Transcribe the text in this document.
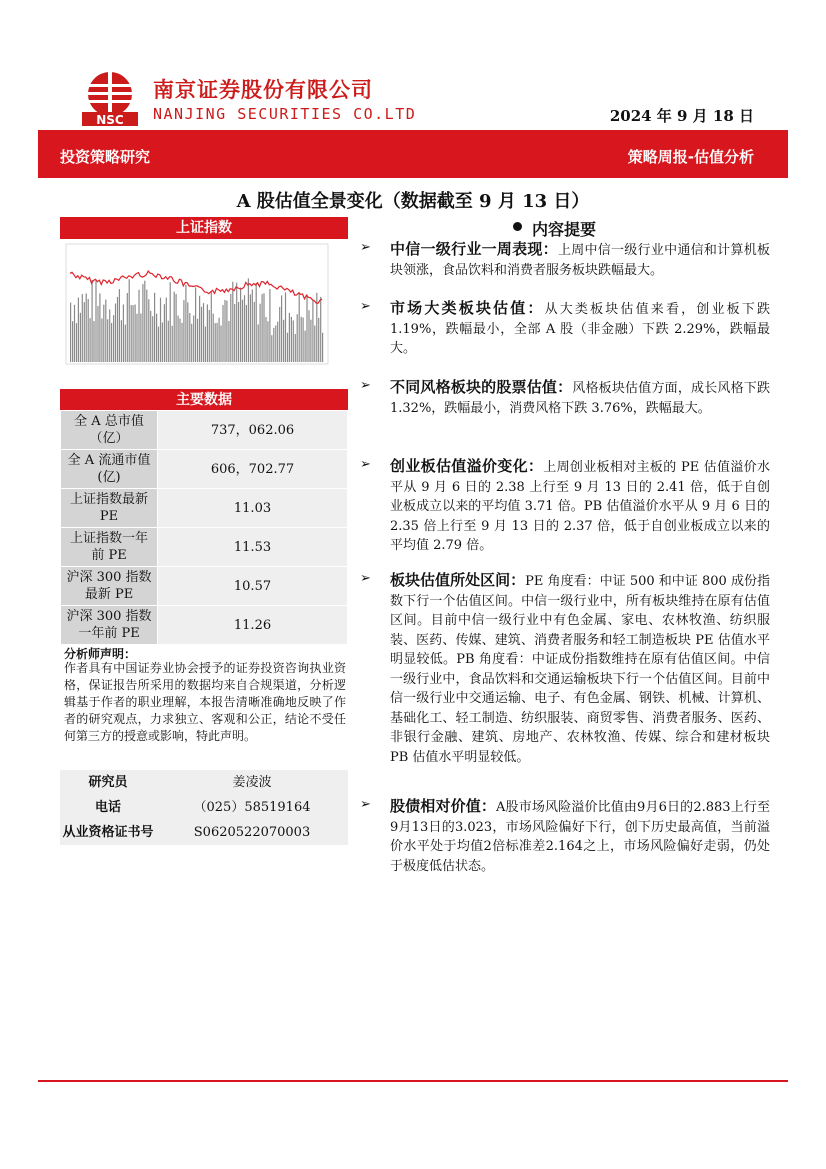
NSC
南京证券股份有限公司
NANJING SECURITIES CO.LTD	2024 年 9 月 18 日
投资策略研究	策略周报-估值分析
A 股估值全景变化（数据截至 9 月 13 日）
上证指数
主要数据
全 A 总市值（亿）	737，062.06
全 A 流通市值(亿)	606，702.77
上证指数最新 PE	11.03
上证指数一年前 PE	11.53
沪深 300 指数最新 PE	10.57
沪深 300 指数一年前 PE	11.26
分析师声明：
作者具有中国证券业协会授予的证券投资咨询执业资格，保证报告所采用的数据均来自合规渠道，分析逻辑基于作者的职业理解，本报告清晰准确地反映了作者的研究观点，力求独立、客观和公正，结论不受任何第三方的授意或影响，特此声明。
研究员	姜凌波
电话	（025）58519164
从业资格证书号	S0620522070003
内容提要
➢ 中信一级行业一周表现：上周中信一级行业中通信和计算机板块领涨，食品饮料和消费者服务板块跌幅最大。
➢ 市场大类板块估值：从大类板块估值来看，创业板下跌 1.19%，跌幅最小，全部 A 股（非金融）下跌 2.29%，跌幅最大。
➢ 不同风格板块的股票估值：风格板块估值方面，成长风格下跌 1.32%，跌幅最小，消费风格下跌 3.76%，跌幅最大。
➢ 创业板估值溢价变化：上周创业板相对主板的 PE 估值溢价水平从 9 月 6 日的 2.38 上行至 9 月 13 日的 2.41 倍，低于自创业板成立以来的平均值 3.71 倍。PB 估值溢价水平从 9 月 6 日的 2.35 倍上行至 9 月 13 日的 2.37 倍，低于自创业板成立以来的平均值 2.79 倍。
➢ 板块估值所处区间：PE 角度看：中证 500 和中证 800 成份指数下行一个估值区间。中信一级行业中，所有板块维持在原有估值区间。目前中信一级行业中有色金属、家电、农林牧渔、纺织服装、医药、传媒、建筑、消费者服务和轻工制造板块 PE 估值水平明显较低。PB 角度看：中证成份指数维持在原有估值区间。中信一级行业中，食品饮料和交通运输板块下行一个估值区间。目前中信一级行业中交通运输、电子、有色金属、钢铁、机械、计算机、基础化工、轻工制造、纺织服装、商贸零售、消费者服务、医药、非银行金融、建筑、房地产、农林牧渔、传媒、综合和建材板块 PB 估值水平明显较低。
➢ 股债相对价值：A股市场风险溢价比值由9月6日的2.883上行至9月13日的3.023，市场风险偏好下行，创下历史最高值，当前溢价水平处于均值2倍标准差2.164之上，市场风险偏好走弱，仍处于极度低估状态。
